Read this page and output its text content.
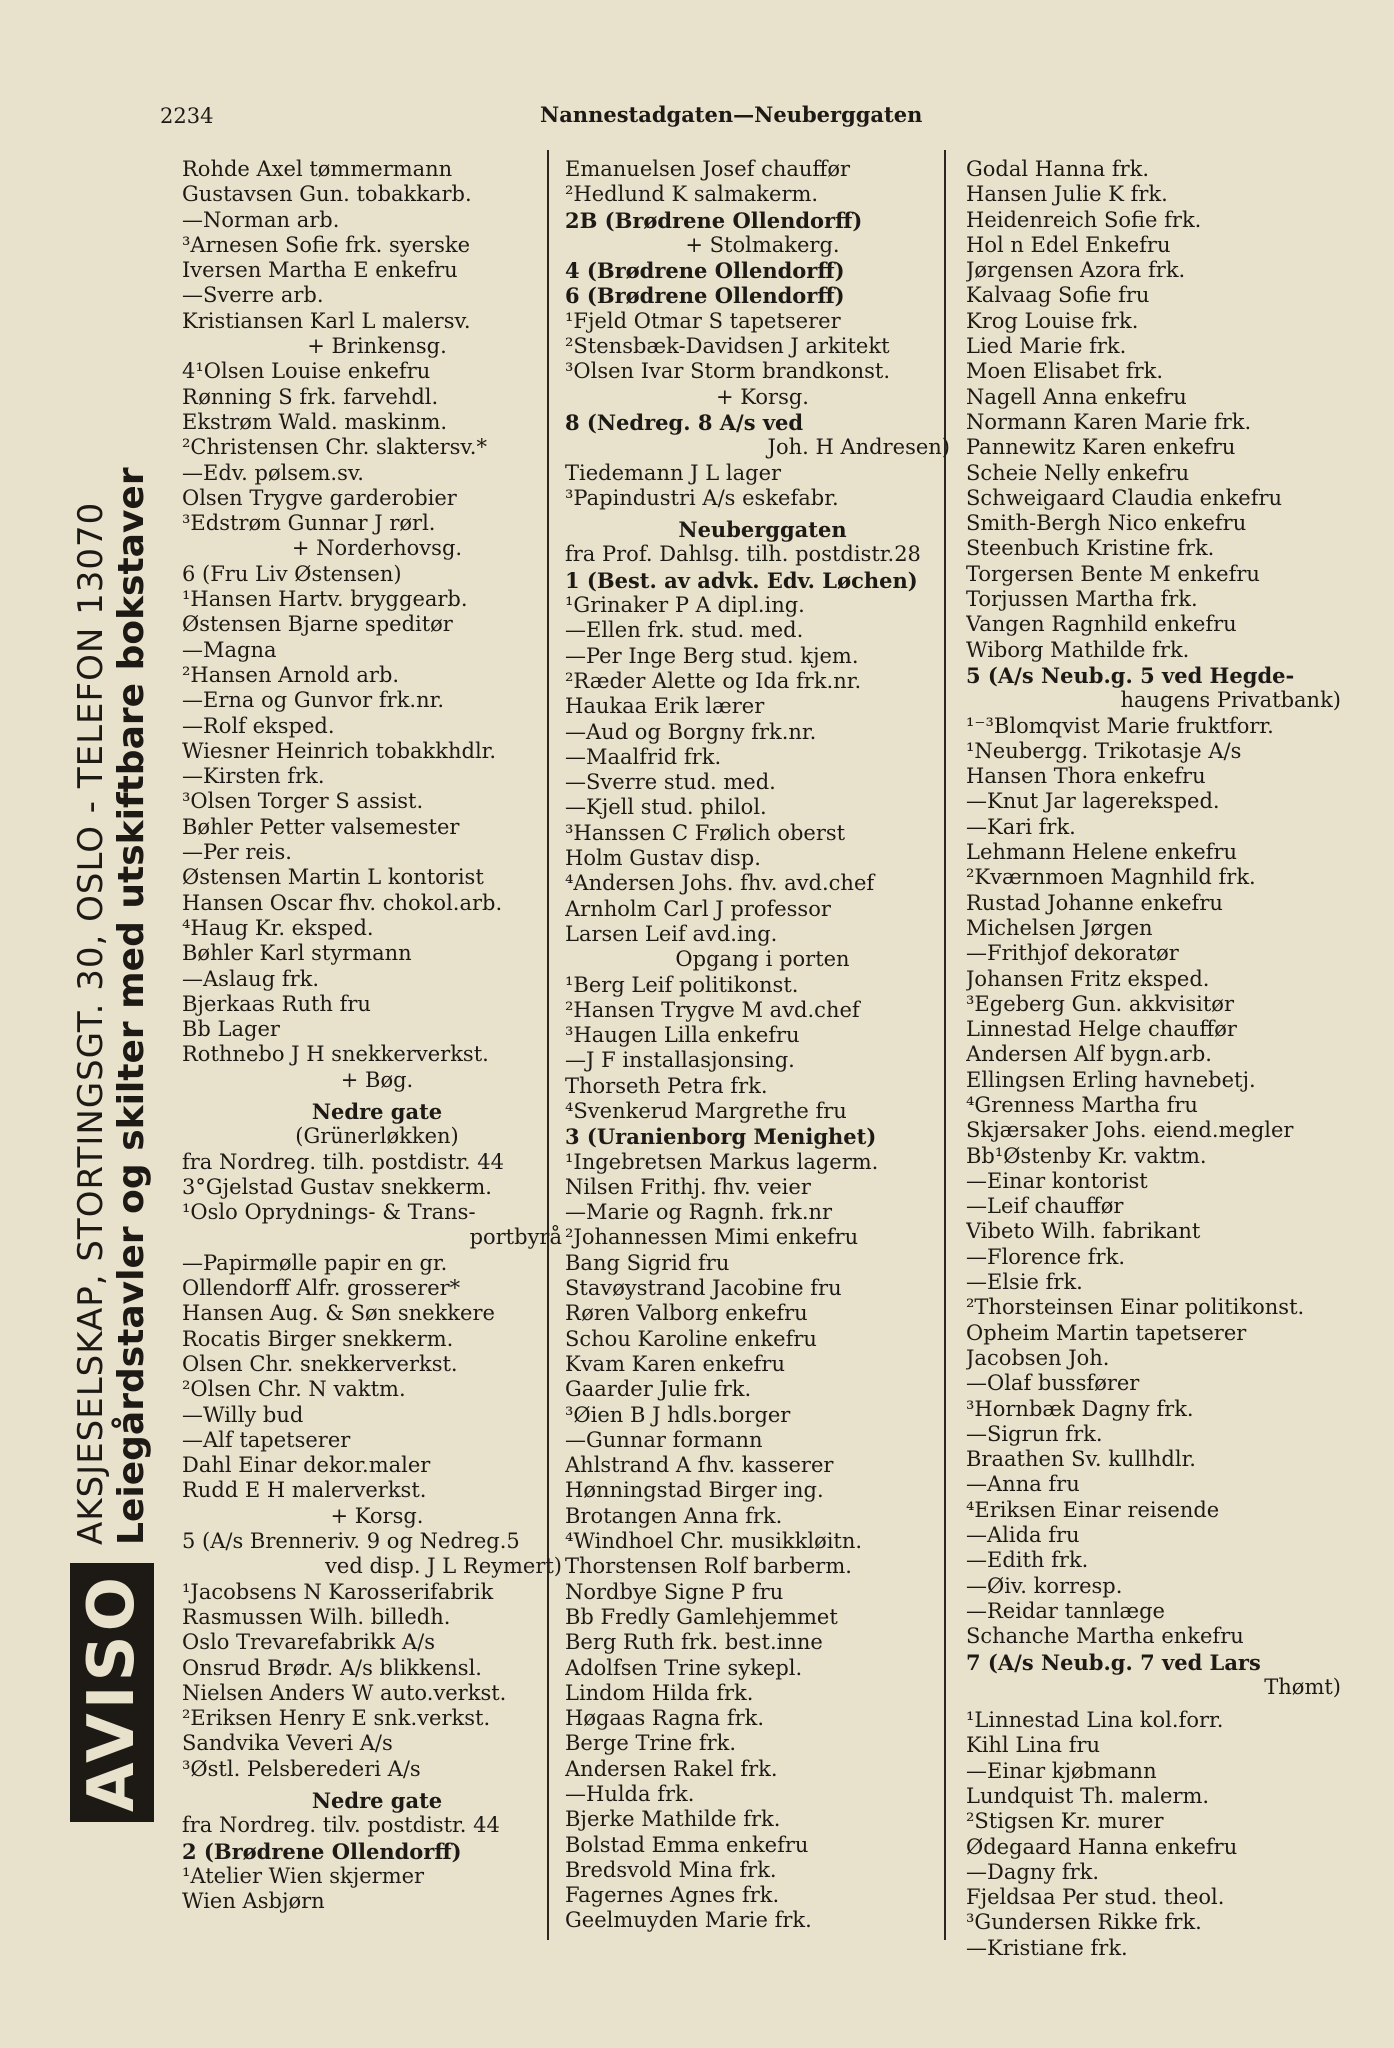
2234	Nannestadgaten—Neuberggaten
AVISO
AKSJESELSKAP, STORTINGSGT. 30, OSLO - TELEFON 13070 Leiegårdstavler og skilter med utskiftbare bokstaver
Rohde Axel tømmermann
Gustavsen Gun. tobakkarb.
—Norman arb.
³Arnesen Sofie frk. syerske
Iversen Martha E enkefru
—Sverre arb.
Kristiansen Karl L malersv.
+ Brinkensg.
4¹Olsen Louise enkefru
Rønning S frk. farvehdl.
Ekstrøm Wald. maskinm.
²Christensen Chr. slaktersv.*
—Edv. pølsem.sv.
Olsen Trygve garderobier
³Edstrøm Gunnar J rørl.
+ Norderhovsg.
6 (Fru Liv Østensen)
¹Hansen Hartv. bryggearb.
Østensen Bjarne speditør
—Magna
²Hansen Arnold arb.
—Erna og Gunvor frk.nr.
—Rolf eksped.
Wiesner Heinrich tobakkhdlr.
—Kirsten frk.
³Olsen Torger S assist.
Bøhler Petter valsemester
—Per reis.
Østensen Martin L kontorist
Hansen Oscar fhv. chokol.arb.
⁴Haug Kr. eksped.
Bøhler Karl styrmann
—Aslaug frk.
Bjerkaas Ruth fru
Bb Lager
Rothnebo J H snekkerverkst.
+ Bøg.
Nedre gate
(Grünerløkken)
fra Nordreg. tilh. postdistr. 44
3°Gjelstad Gustav snekkerm.
¹Oslo Oprydnings- & Trans-
portbyrå
—Papirmølle papir en gr.
Ollendorff Alfr. grosserer*
Hansen Aug. & Søn snekkere
Rocatis Birger snekkerm.
Olsen Chr. snekkerverkst.
²Olsen Chr. N vaktm.
—Willy bud
—Alf tapetserer
Dahl Einar dekor.maler
Rudd E H malerverkst.
+ Korsg.
5 (A/s Brenneriv. 9 og Nedreg.5
ved disp. J L Reymert)
¹Jacobsens N Karosserifabrik
Rasmussen Wilh. billedh.
Oslo Trevarefabrikk A/s
Onsrud Brødr. A/s blikkensl.
Nielsen Anders W auto.verkst.
²Eriksen Henry E snk.verkst.
Sandvika Veveri A/s
³Østl. Pelsberederi A/s
Nedre gate
fra Nordreg. tilv. postdistr. 44
2 (Brødrene Ollendorff)
¹Atelier Wien skjermer
Wien Asbjørn
Emanuelsen Josef chauffør
²Hedlund K salmakerm.
2B (Brødrene Ollendorff)
+ Stolmakerg.
4 (Brødrene Ollendorff)
6 (Brødrene Ollendorff)
¹Fjeld Otmar S tapetserer
²Stensbæk-Davidsen J arkitekt
³Olsen Ivar Storm brandkonst.
+ Korsg.
8 (Nedreg. 8 A/s ved
Joh. H Andresen)
Tiedemann J L lager
³Papindustri A/s eskefabr.
Neuberggaten
fra Prof. Dahlsg. tilh. postdistr.28
1 (Best. av advk. Edv. Løchen)
¹Grinaker P A dipl.ing.
—Ellen frk. stud. med.
—Per Inge Berg stud. kjem.
²Ræder Alette og Ida frk.nr.
Haukaa Erik lærer
—Aud og Borgny frk.nr.
—Maalfrid frk.
—Sverre stud. med.
—Kjell stud. philol.
³Hanssen C Frølich oberst
Holm Gustav disp.
⁴Andersen Johs. fhv. avd.chef
Arnholm Carl J professor
Larsen Leif avd.ing.
Opgang i porten
¹Berg Leif politikonst.
²Hansen Trygve M avd.chef
³Haugen Lilla enkefru
—J F installasjonsing.
Thorseth Petra frk.
⁴Svenkerud Margrethe fru
3 (Uranienborg Menighet)
¹Ingebretsen Markus lagerm.
Nilsen Frithj. fhv. veier
—Marie og Ragnh. frk.nr
²Johannessen Mimi enkefru
Bang Sigrid fru
Stavøystrand Jacobine fru
Røren Valborg enkefru
Schou Karoline enkefru
Kvam Karen enkefru
Gaarder Julie frk.
³Øien B J hdls.borger
—Gunnar formann
Ahlstrand A fhv. kasserer
Hønningstad Birger ing.
Brotangen Anna frk.
⁴Windhoel Chr. musikkløitn.
Thorstensen Rolf barberm.
Nordbye Signe P fru
Bb Fredly Gamlehjemmet
Berg Ruth frk. best.inne
Adolfsen Trine sykepl.
Lindom Hilda frk.
Høgaas Ragna frk.
Berge Trine frk.
Andersen Rakel frk.
—Hulda frk.
Bjerke Mathilde frk.
Bolstad Emma enkefru
Bredsvold Mina frk.
Fagernes Agnes frk.
Geelmuyden Marie frk.
Godal Hanna frk.
Hansen Julie K frk.
Heidenreich Sofie frk.
Hol n Edel Enkefru
Jørgensen Azora frk.
Kalvaag Sofie fru
Krog Louise frk.
Lied Marie frk.
Moen Elisabet frk.
Nagell Anna enkefru
Normann Karen Marie frk.
Pannewitz Karen enkefru
Scheie Nelly enkefru
Schweigaard Claudia enkefru
Smith-Bergh Nico enkefru
Steenbuch Kristine frk.
Torgersen Bente M enkefru
Torjussen Martha frk.
Vangen Ragnhild enkefru
Wiborg Mathilde frk.
5 (A/s Neub.g. 5 ved Hegde-
haugens Privatbank)
¹⁻³Blomqvist Marie fruktforr.
¹Neubergg. Trikotasje A/s
Hansen Thora enkefru
—Knut Jar lagereksped.
—Kari frk.
Lehmann Helene enkefru
²Kværnmoen Magnhild frk.
Rustad Johanne enkefru
Michelsen Jørgen
—Frithjof dekoratør
Johansen Fritz eksped.
³Egeberg Gun. akkvisitør
Linnestad Helge chauffør
Andersen Alf bygn.arb.
Ellingsen Erling havnebetj.
⁴Grenness Martha fru
Skjærsaker Johs. eiend.megler
Bb¹Østenby Kr. vaktm.
—Einar kontorist
—Leif chauffør
Vibeto Wilh. fabrikant
—Florence frk.
—Elsie frk.
²Thorsteinsen Einar politikonst.
Opheim Martin tapetserer
Jacobsen Joh.
—Olaf bussfører
³Hornbæk Dagny frk.
—Sigrun frk.
Braathen Sv. kullhdlr.
—Anna fru
⁴Eriksen Einar reisende
—Alida fru
—Edith frk.
—Øiv. korresp.
—Reidar tannlæge
Schanche Martha enkefru
7 (A/s Neub.g. 7 ved Lars
Thømt)
¹Linnestad Lina kol.forr.
Kihl Lina fru
—Einar kjøbmann
Lundquist Th. malerm.
²Stigsen Kr. murer
Ødegaard Hanna enkefru
—Dagny frk.
Fjeldsaa Per stud. theol.
³Gundersen Rikke frk.
—Kristiane frk.
